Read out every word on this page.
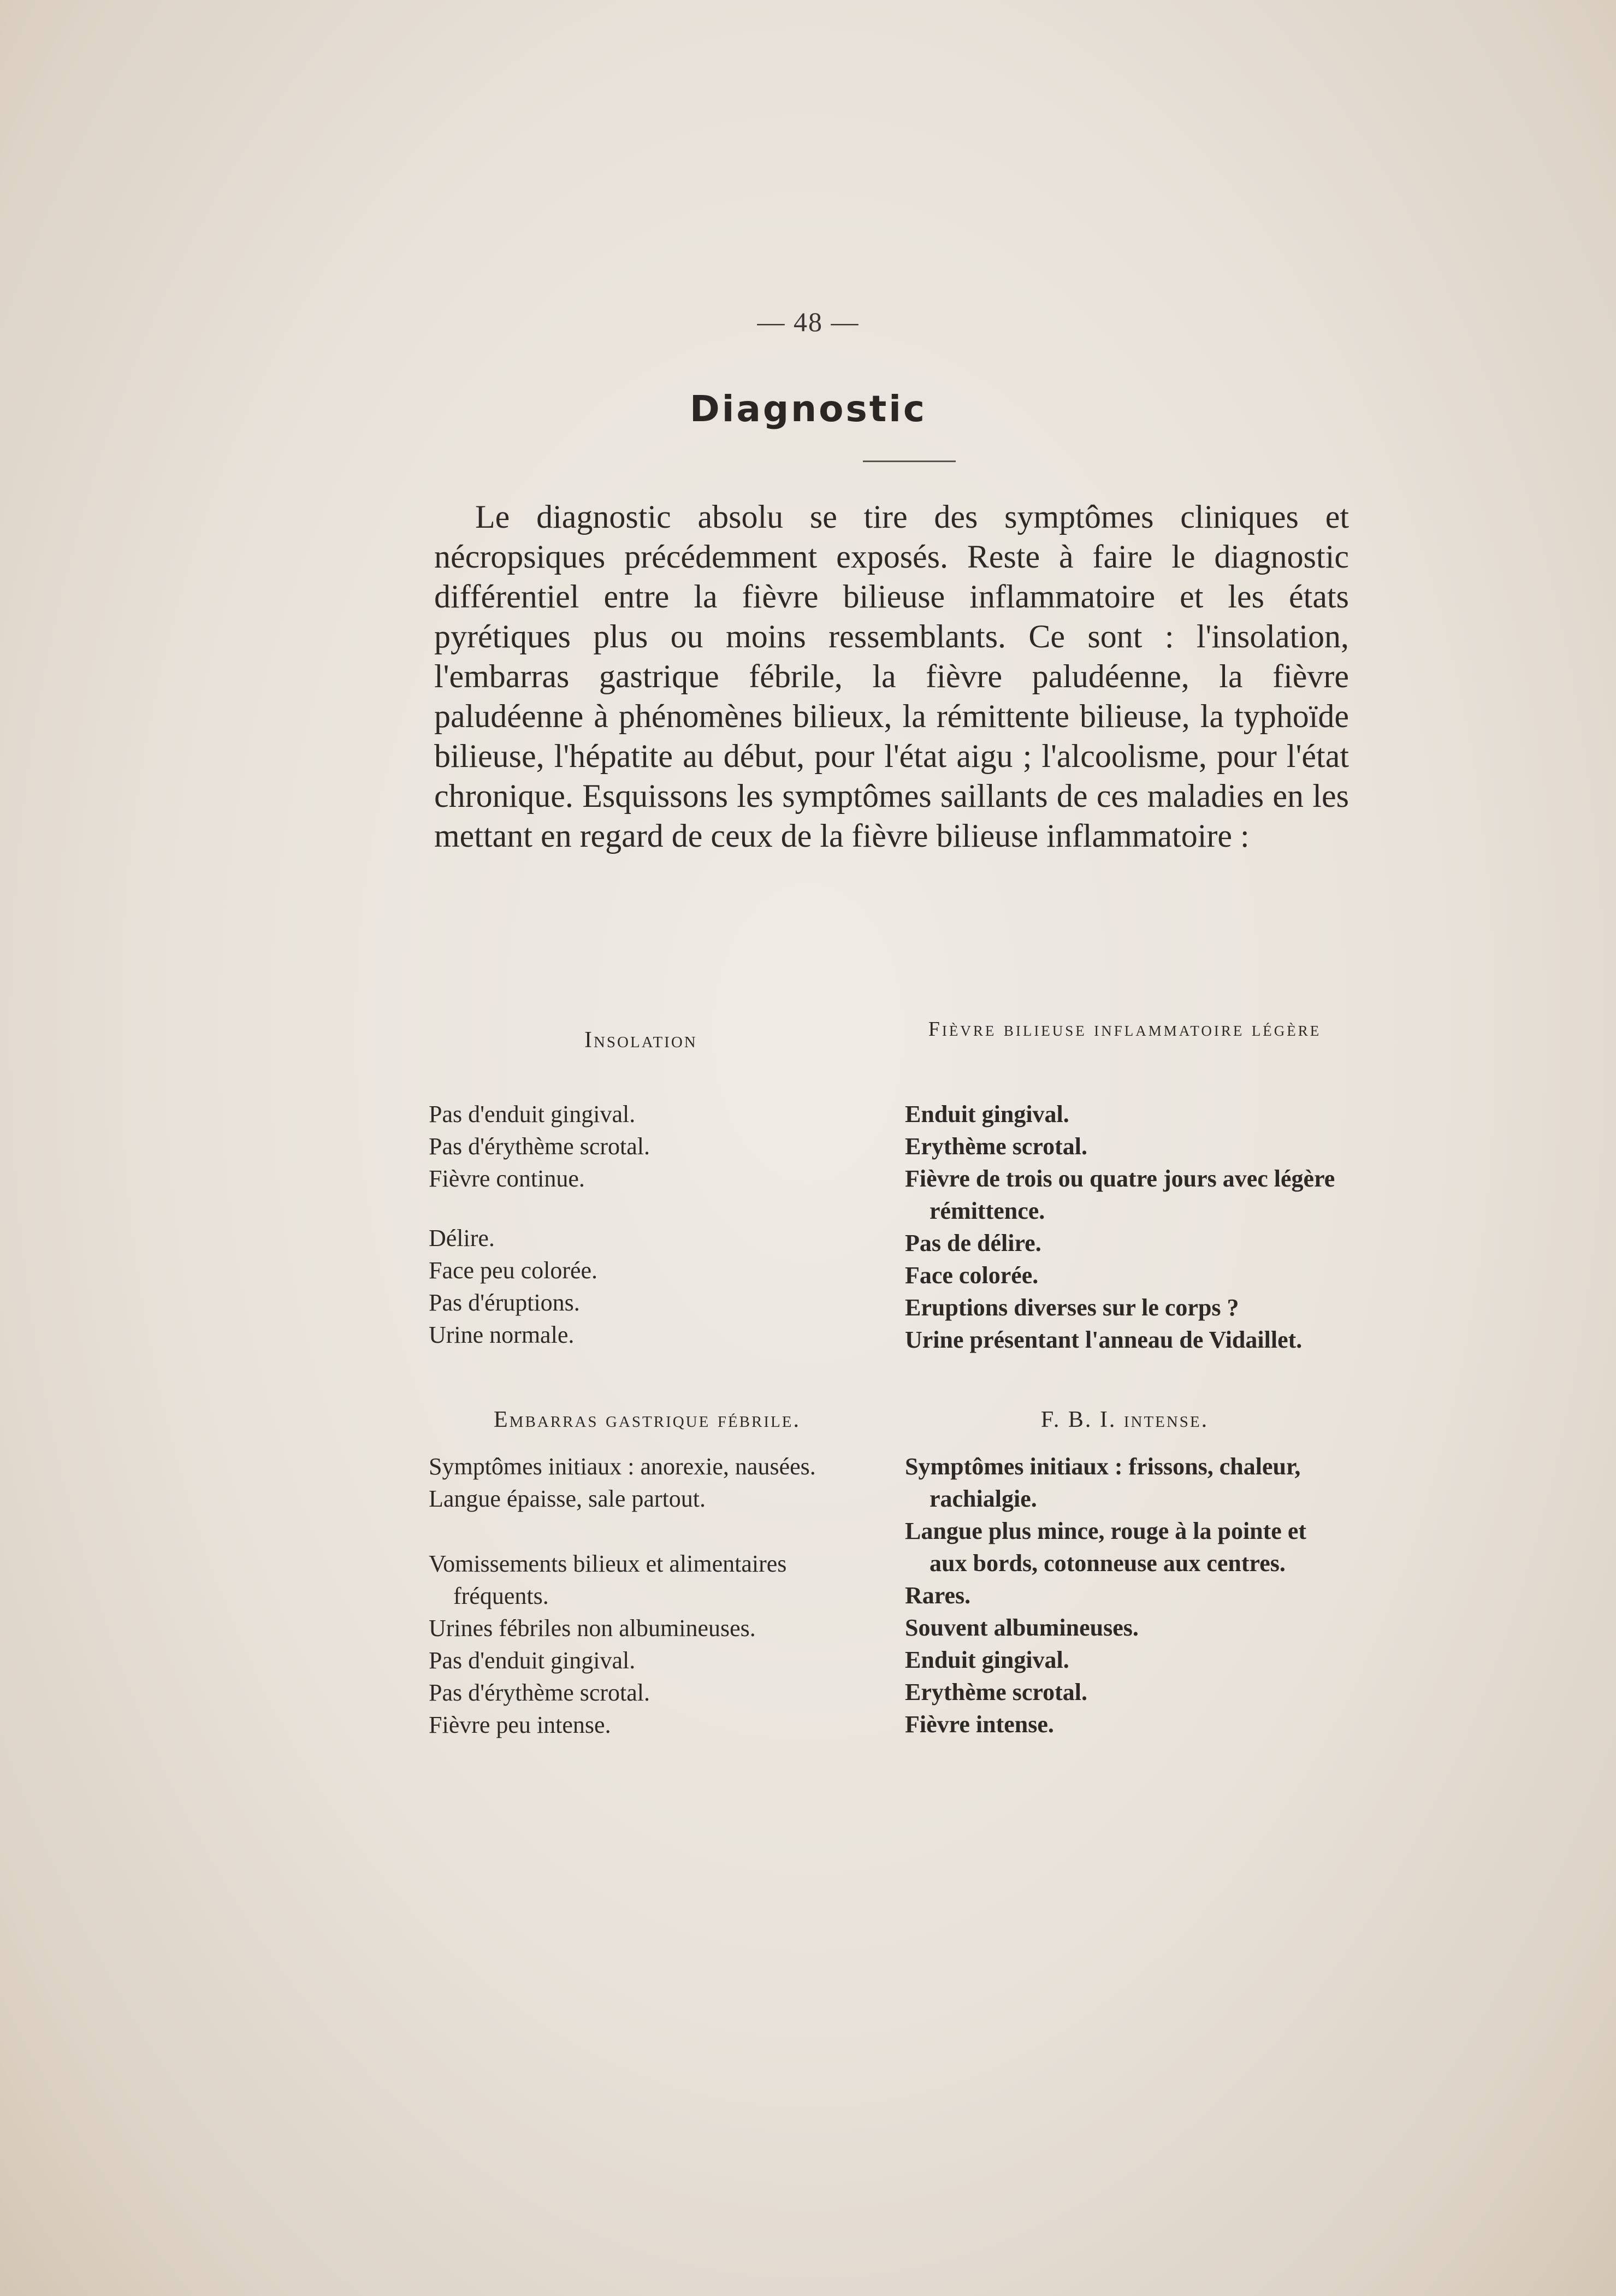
— 48 —
Diagnostic

Le diagnostic absolu se tire des symptômes cliniques et nécropsiques précédemment exposés. Reste à faire le diagnostic différentiel entre la fièvre bilieuse inflammatoire et les états pyrétiques plus ou moins ressemblants. Ce sont : l'insolation, l'embarras gastrique fébrile, la fièvre paludéenne, la fièvre paludéenne à phénomènes bilieux, la rémittente bilieuse, la typhoïde bilieuse, l'hépatite au début, pour l'état aigu ; l'alcoolisme, pour l'état chronique. Esquissons les symptômes saillants de ces maladies en les mettant en regard de ceux de la fièvre bilieuse inflammatoire :

Insolation

Pas d'enduit gingival.

Pas d'érythème scrotal.

Fièvre continue.

Délire.

Face peu colorée.

Pas d'éruptions.

Urine normale.

Fièvre bilieuse inflammatoire légère

Enduit gingival.

Erythème scrotal.

Fièvre de trois ou quatre jours avec légère rémittence.

Pas de délire.

Face colorée.

Eruptions diverses sur le corps ?

Urine présentant l'anneau de Vidaillet.

Embarras gastrique fébrile.

Symptômes initiaux : anorexie, nausées.

Langue épaisse, sale partout.

Vomissements bilieux et alimentaires fréquents.

Urines fébriles non albumineuses.

Pas d'enduit gingival.

Pas d'érythème scrotal.

Fièvre peu intense.

F. B. I. intense.

Symptômes initiaux : frissons, chaleur, rachialgie.

Langue plus mince, rouge à la pointe et aux bords, cotonneuse aux centres.

Rares.

Souvent albumineuses.

Enduit gingival.

Erythème scrotal.

Fièvre intense.
